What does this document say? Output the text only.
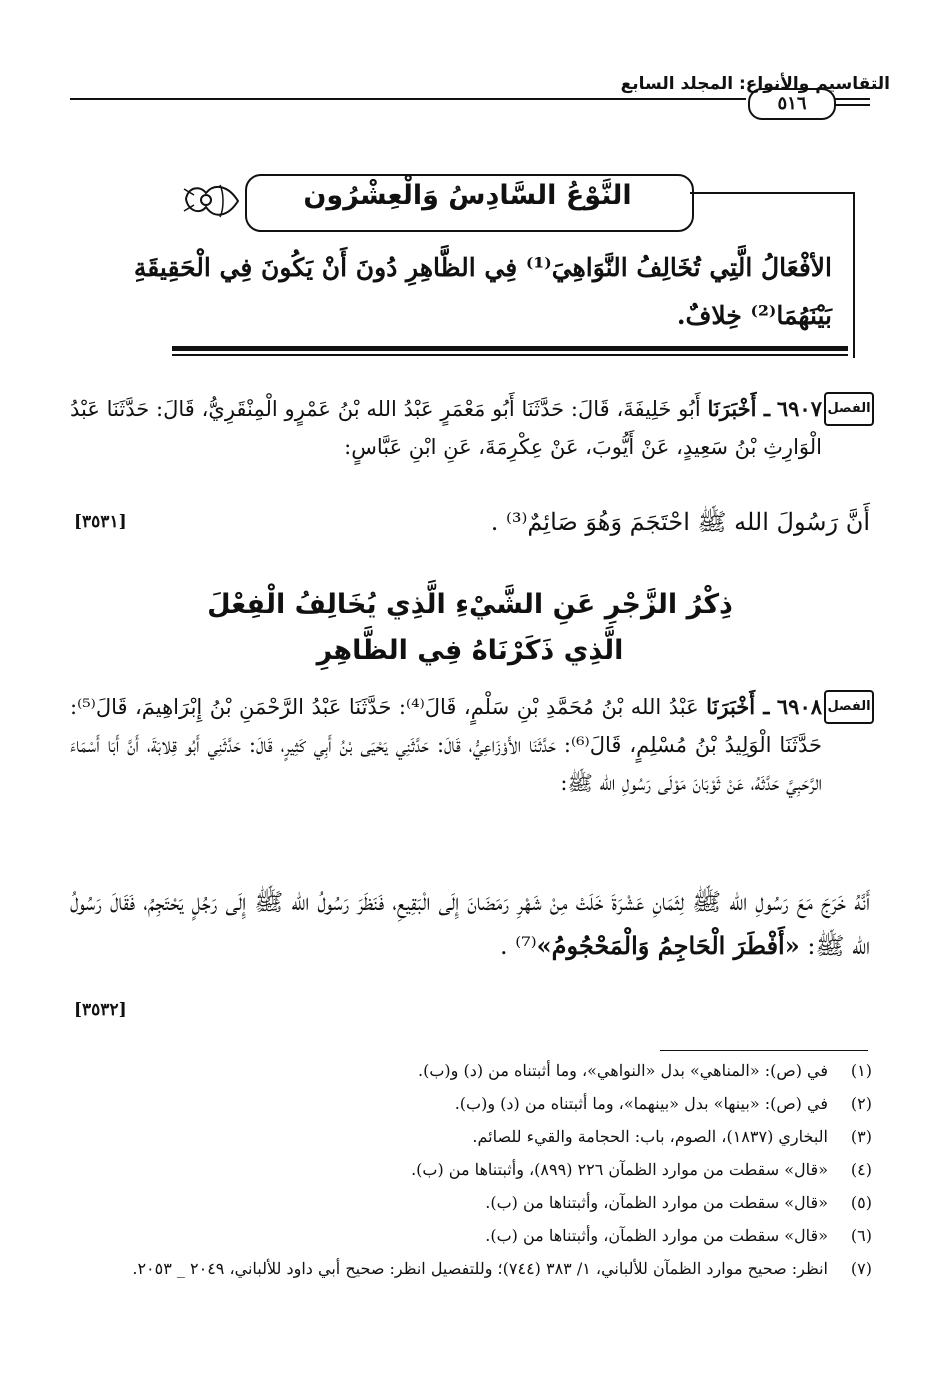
التقاسيم والأنواع: المجلد السابع
٥١٦
النَّوْعُ السَّادِسُ وَالْعِشْرُون
الأفْعَالُ الَّتِي تُخَالِفُ النَّوَاهِيَ⁽¹⁾ فِي الظَّاهِرِ دُونَ أَنْ يَكُونَ فِي الْحَقِيقَةِ بَيْنَهُمَا⁽²⁾ خِلافٌ.
الفصل
٦٩٠٧ ـ أَخْبَرَنَا أَبُو خَلِيفَةَ، قَالَ: حَدَّثَنَا أَبُو مَعْمَرٍ عَبْدُ الله بْنُ عَمْرٍو الْمِنْقَرِيُّ، قَالَ: حَدَّثَنَا عَبْدُ الْوَارِثِ بْنُ سَعِيدٍ، عَنْ أَيُّوبَ، عَنْ عِكْرِمَةَ، عَنِ ابْنِ عَبَّاسٍ:
أَنَّ رَسُولَ الله ﷺ احْتَجَمَ وَهُوَ صَائِمٌ⁽³⁾ .
[٣٥٣١]
ذِكْرُ الزَّجْرِ عَنِ الشَّيْءِ الَّذِي يُخَالِفُ الْفِعْلَ
الَّذِي ذَكَرْنَاهُ فِي الظَّاهِرِ
الفصل
٦٩٠٨ ـ أَخْبَرَنَا عَبْدُ الله بْنُ مُحَمَّدِ بْنِ سَلْمٍ، قَالَ⁽⁴⁾: حَدَّثَنَا عَبْدُ الرَّحْمَنِ بْنُ إِبْرَاهِيمَ، قَالَ⁽⁵⁾: حَدَّثَنَا الْوَلِيدُ بْنُ مُسْلِمٍ، قَالَ⁽⁶⁾: حَدَّثَنَا الأَوْزَاعِيُّ، قَالَ: حَدَّثَنِي يَحْيَى بْنُ أَبِي كَثِيرٍ، قَالَ: حَدَّثَنِي أَبُو قِلابَةَ، أَنَّ أَبَا أَسْمَاءَ الرَّحَبِيَّ حَدَّثَهُ، عَنْ ثَوْبَانَ مَوْلَى رَسُولِ الله ﷺ:
أَنَّهُ خَرَجَ مَعَ رَسُولِ الله ﷺ لِثَمَانِ عَشْرَةَ خَلَتْ مِنْ شَهْرِ رَمَضَانَ إِلَى الْبَقِيعِ، فَنَظَرَ رَسُولُ الله ﷺ إِلَى رَجُلٍ يَحْتَجِمُ، فَقَالَ رَسُولُ الله ﷺ: «أَفْطَرَ الْحَاجِمُ وَالْمَحْجُومُ»⁽⁷⁾ .
[٣٥٣٢]
(١)
في (ص): «المناهي» بدل «النواهي»، وما أثبتناه من (د) و(ب).
(٢)
في (ص): «بينها» بدل «بينهما»، وما أثبتناه من (د) و(ب).
(٣)
البخاري (١٨٣٧)، الصوم، باب: الحجامة والقيء للصائم.
(٤)
«قال» سقطت من موارد الظمآن ٢٢٦ (٨٩٩)، وأثبتناها من (ب).
(٥)
«قال» سقطت من موارد الظمآن، وأثبتناها من (ب).
(٦)
«قال» سقطت من موارد الظمآن، وأثبتناها من (ب).
(٧)
انظر: صحيح موارد الظمآن للألباني، ١/ ٣٨٣ (٧٤٤)؛ وللتفصيل انظر: صحيح أبي داود للألباني، ٢٠٤٩ _ ٢٠٥٣.
